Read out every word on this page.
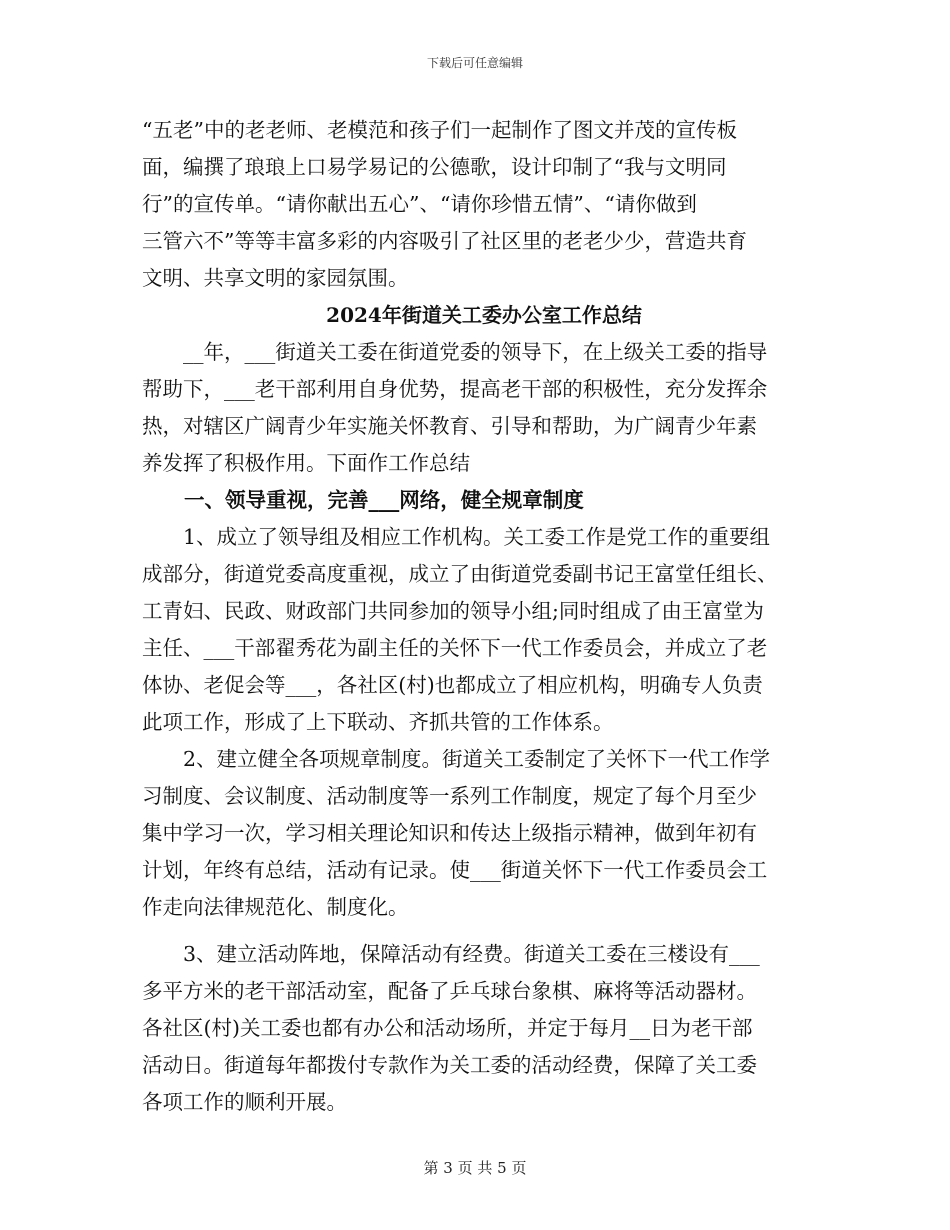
下载后可任意编辑
“五老”中的老老师、老模范和孩子们一起制作了图文并茂的宣传板
面，编撰了琅琅上口易学易记的公德歌，设计印制了“我与文明同
行”的宣传单。“请你献出五心”、“请你珍惜五情”、“请你做到
三管六不”等等丰富多彩的内容吸引了社区里的老老少少，营造共育
文明、共享文明的家园氛围。
2024年街道关工委办公室工作总结
　　__年，___街道关工委在街道党委的领导下，在上级关工委的指导
帮助下，___老干部利用自身优势，提高老干部的积极性，充分发挥余
热，对辖区广阔青少年实施关怀教育、引导和帮助，为广阔青少年素
养发挥了积极作用。下面作工作总结
一、领导重视，完善___网络，健全规章制度
　　1、成立了领导组及相应工作机构。关工委工作是党工作的重要组
成部分，街道党委高度重视，成立了由街道党委副书记王富堂任组长、
工青妇、民政、财政部门共同参加的领导小组;同时组成了由王富堂为
主任、___干部翟秀花为副主任的关怀下一代工作委员会，并成立了老
体协、老促会等___，各社区(村)也都成立了相应机构，明确专人负责
此项工作，形成了上下联动、齐抓共管的工作体系。
　　2、建立健全各项规章制度。街道关工委制定了关怀下一代工作学
习制度、会议制度、活动制度等一系列工作制度，规定了每个月至少
集中学习一次，学习相关理论知识和传达上级指示精神，做到年初有
计划，年终有总结，活动有记录。使___街道关怀下一代工作委员会工
作走向法律规范化、制度化。
　　3、建立活动阵地，保障活动有经费。街道关工委在三楼设有___
多平方米的老干部活动室，配备了乒乓球台象棋、麻将等活动器材。
各社区(村)关工委也都有办公和活动场所，并定于每月__日为老干部
活动日。街道每年都拨付专款作为关工委的活动经费，保障了关工委
各项工作的顺利开展。
第 3 页 共 5 页
